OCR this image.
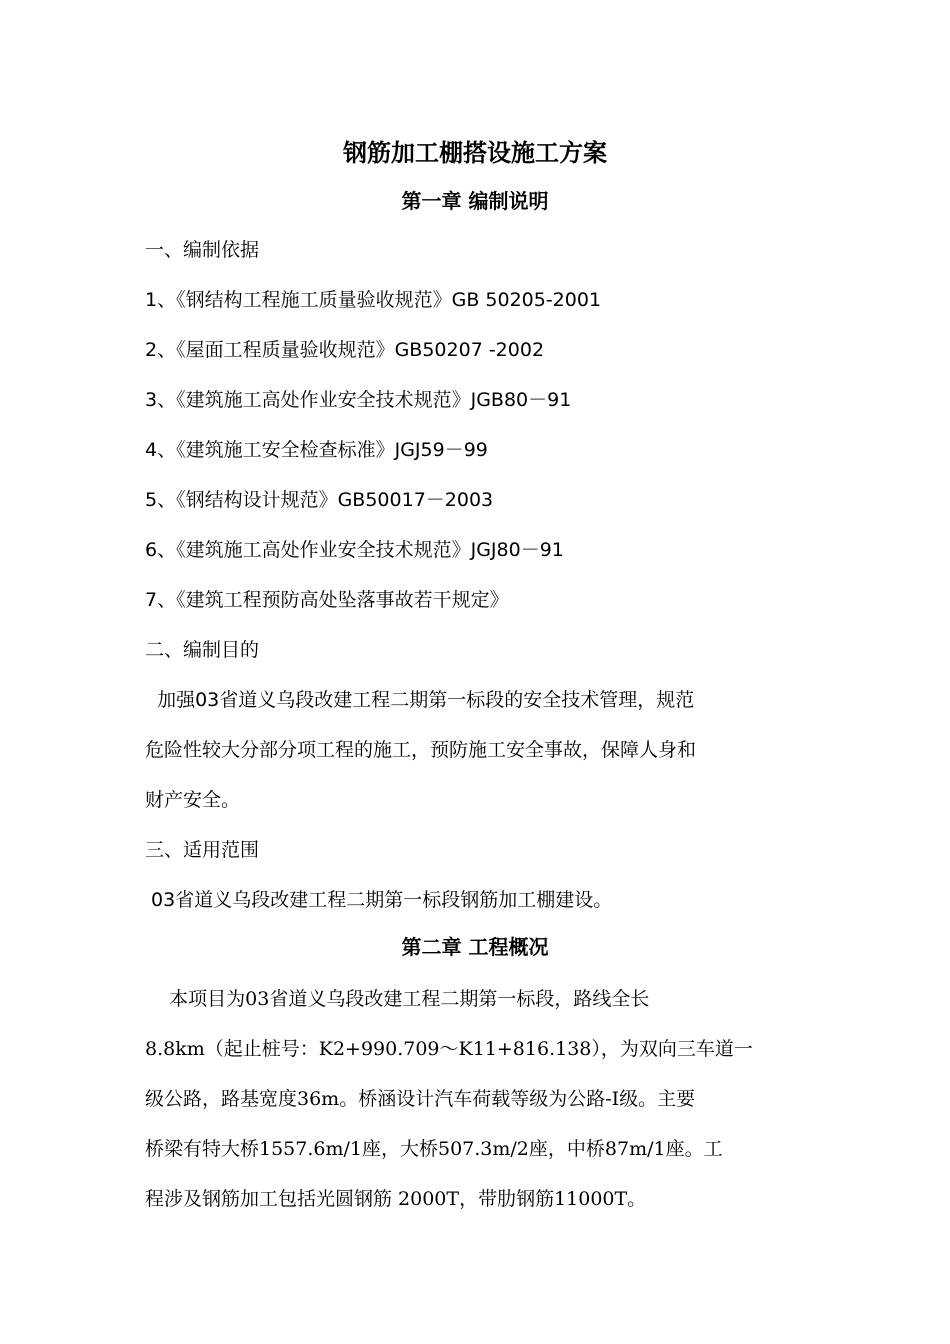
钢筋加工棚搭设施工方案
第一章 编制说明
一、编制依据
1、《钢结构工程施工质量验收规范》GB 50205-2001
2、《屋面工程质量验收规范》GB50207 -2002
3、《建筑施工高处作业安全技术规范》JGB80－91
4、《建筑施工安全检查标准》JGJ59－99
5、《钢结构设计规范》GB50017－2003
6、《建筑施工高处作业安全技术规范》JGJ80－91
7、《建筑工程预防高处坠落事故若干规定》
二、编制目的
加强03省道义乌段改建工程二期第一标段的安全技术管理，规范
危险性较大分部分项工程的施工，预防施工安全事故，保障人身和
财产安全。
三、适用范围
03省道义乌段改建工程二期第一标段钢筋加工棚建设。
第二章 工程概况
本项目为03省道义乌段改建工程二期第一标段，路线全长
8.8km（起止桩号：K2+990.709～K11+816.138），为双向三车道一
级公路，路基宽度36m。桥涵设计汽车荷载等级为公路-Ⅰ级。主要
桥梁有特大桥1557.6m/1座，大桥507.3m/2座，中桥87m/1座。工
程涉及钢筋加工包括光圆钢筋 2000T，带肋钢筋11000T。
